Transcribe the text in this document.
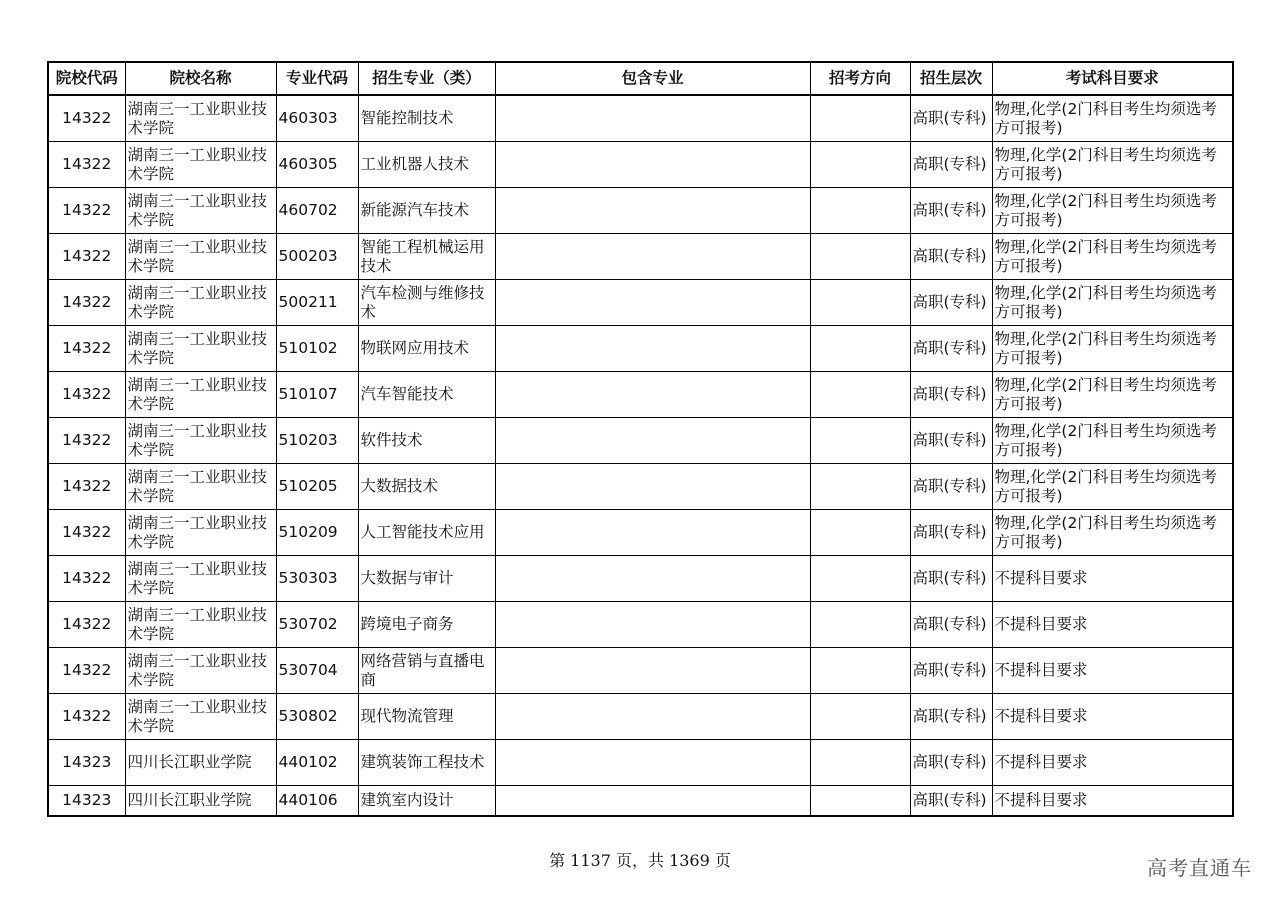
院校代码	院校名称	专业代码	招生专业（类）	包含专业	招考方向	招生层次	考试科目要求
14322	湖南三一工业职业技术学院	460303	智能控制技术			高职(专科)	物理,化学(2门科目考生均须选考方可报考)
14322	湖南三一工业职业技术学院	460305	工业机器人技术			高职(专科)	物理,化学(2门科目考生均须选考方可报考)
14322	湖南三一工业职业技术学院	460702	新能源汽车技术			高职(专科)	物理,化学(2门科目考生均须选考方可报考)
14322	湖南三一工业职业技术学院	500203	智能工程机械运用技术			高职(专科)	物理,化学(2门科目考生均须选考方可报考)
14322	湖南三一工业职业技术学院	500211	汽车检测与维修技术			高职(专科)	物理,化学(2门科目考生均须选考方可报考)
14322	湖南三一工业职业技术学院	510102	物联网应用技术			高职(专科)	物理,化学(2门科目考生均须选考方可报考)
14322	湖南三一工业职业技术学院	510107	汽车智能技术			高职(专科)	物理,化学(2门科目考生均须选考方可报考)
14322	湖南三一工业职业技术学院	510203	软件技术			高职(专科)	物理,化学(2门科目考生均须选考方可报考)
14322	湖南三一工业职业技术学院	510205	大数据技术			高职(专科)	物理,化学(2门科目考生均须选考方可报考)
14322	湖南三一工业职业技术学院	510209	人工智能技术应用			高职(专科)	物理,化学(2门科目考生均须选考方可报考)
14322	湖南三一工业职业技术学院	530303	大数据与审计			高职(专科)	不提科目要求
14322	湖南三一工业职业技术学院	530702	跨境电子商务			高职(专科)	不提科目要求
14322	湖南三一工业职业技术学院	530704	网络营销与直播电商			高职(专科)	不提科目要求
14322	湖南三一工业职业技术学院	530802	现代物流管理			高职(专科)	不提科目要求
14323	四川长江职业学院	440102	建筑装饰工程技术			高职(专科)	不提科目要求
14323	四川长江职业学院	440106	建筑室内设计			高职(专科)	不提科目要求
第 1137 页，共 1369 页	高考直通车
